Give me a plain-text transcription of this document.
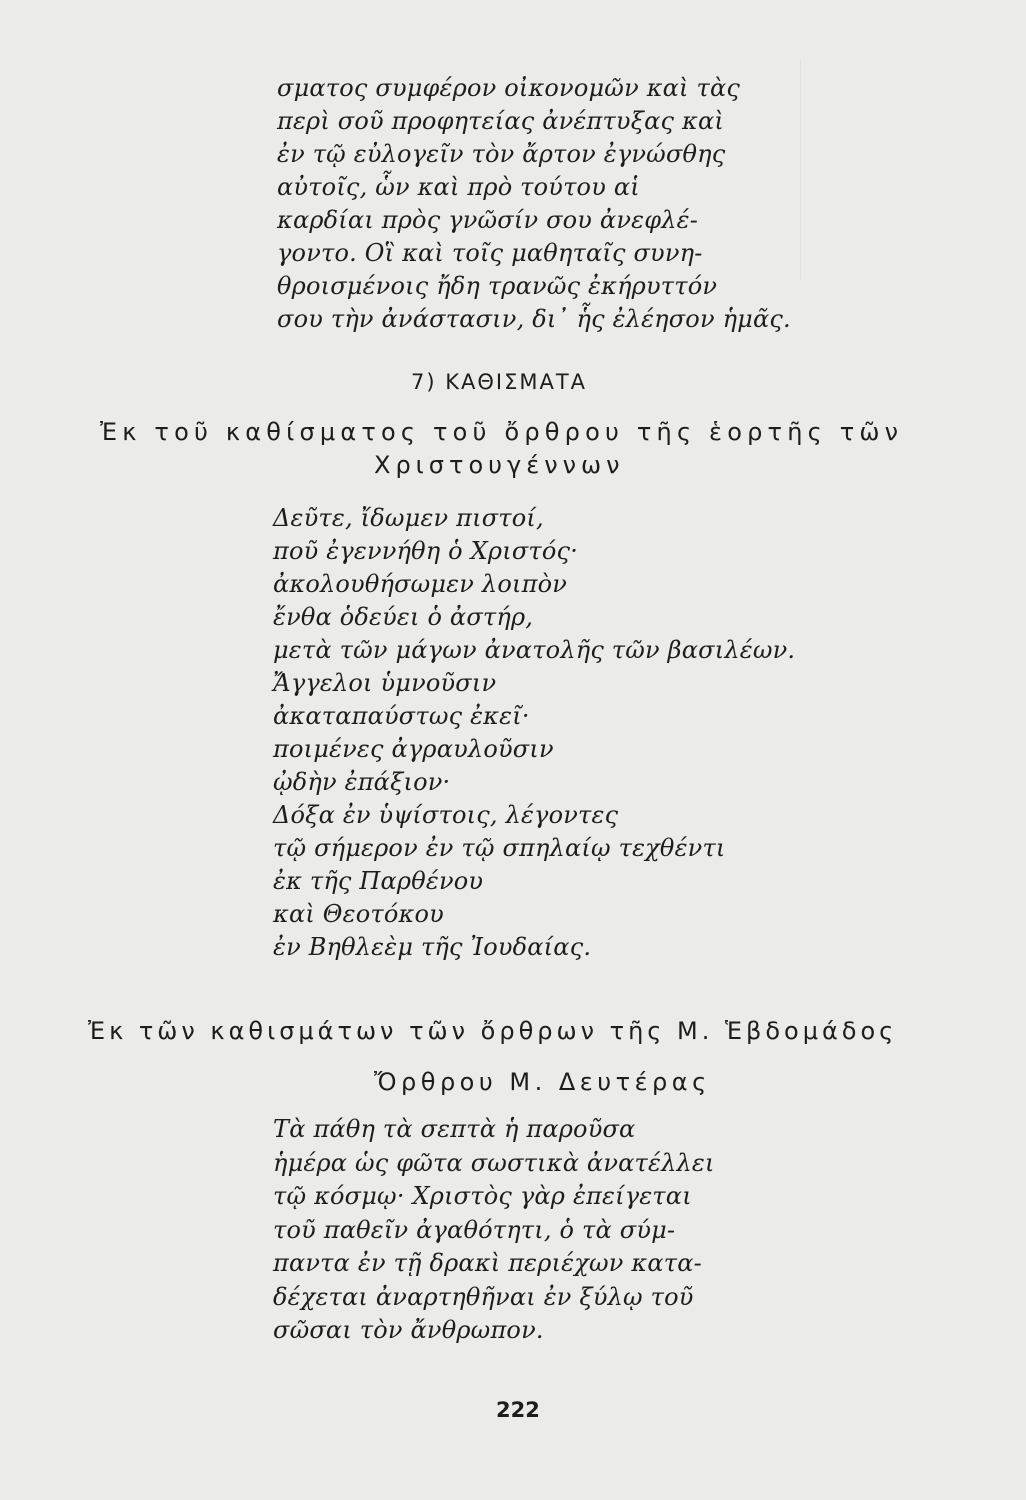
σματος συμφέρον οἰκονομῶν καὶ τὰς
περὶ σοῦ προφητείας ἀνέπτυξας καὶ
ἐν τῷ εὐλογεῖν τὸν ἄρτον ἐγνώσθης
αὐτοῖς, ὧν καὶ πρὸ τούτου αἱ
καρδίαι πρὸς γνῶσίν σου ἀνεφλέ-
γοντο. Οἳ καὶ τοῖς μαθηταῖς συνη-
θροισμένοις ἤδη τρανῶς ἐκήρυττόν
σου τὴν ἀνάστασιν, δι᾽ ἧς ἐλέησον ἡμᾶς.
7) ΚΑΘΙΣΜΑΤΑ
Ἐκ τοῦ καθίσματος τοῦ ὄρθρου τῆς ἑορτῆς τῶν
Χριστουγέννων
Δεῦτε, ἴδωμεν πιστοί,
ποῦ ἐγεννήθη ὁ Χριστός·
ἀκολουθήσωμεν λοιπὸν
ἔνθα ὁδεύει ὁ ἀστήρ,
μετὰ τῶν μάγων ἀνατολῆς τῶν βασιλέων.
Ἄγγελοι ὑμνοῦσιν
ἀκαταπαύστως ἐκεῖ·
ποιμένες ἀγραυλοῦσιν
ᾠδὴν ἐπάξιον·
Δόξα ἐν ὑψίστοις, λέγοντες
τῷ σήμερον ἐν τῷ σπηλαίῳ τεχθέντι
ἐκ τῆς Παρθένου
καὶ Θεοτόκου
ἐν Βηθλεὲμ τῆς Ἰουδαίας.
Ἐκ τῶν καθισμάτων τῶν ὄρθρων τῆς Μ. Ἑβδομάδος
Ὄρθρου Μ. Δευτέρας
Τὰ πάθη τὰ σεπτὰ ἡ παροῦσα
ἡμέρα ὡς φῶτα σωστικὰ ἀνατέλλει
τῷ κόσμῳ· Χριστὸς γὰρ ἐπείγεται
τοῦ παθεῖν ἀγαθότητι, ὁ τὰ σύμ-
παντα ἐν τῇ δρακὶ περιέχων κατα-
δέχεται ἀναρτηθῆναι ἐν ξύλῳ τοῦ
σῶσαι τὸν ἄνθρωπον.
222
